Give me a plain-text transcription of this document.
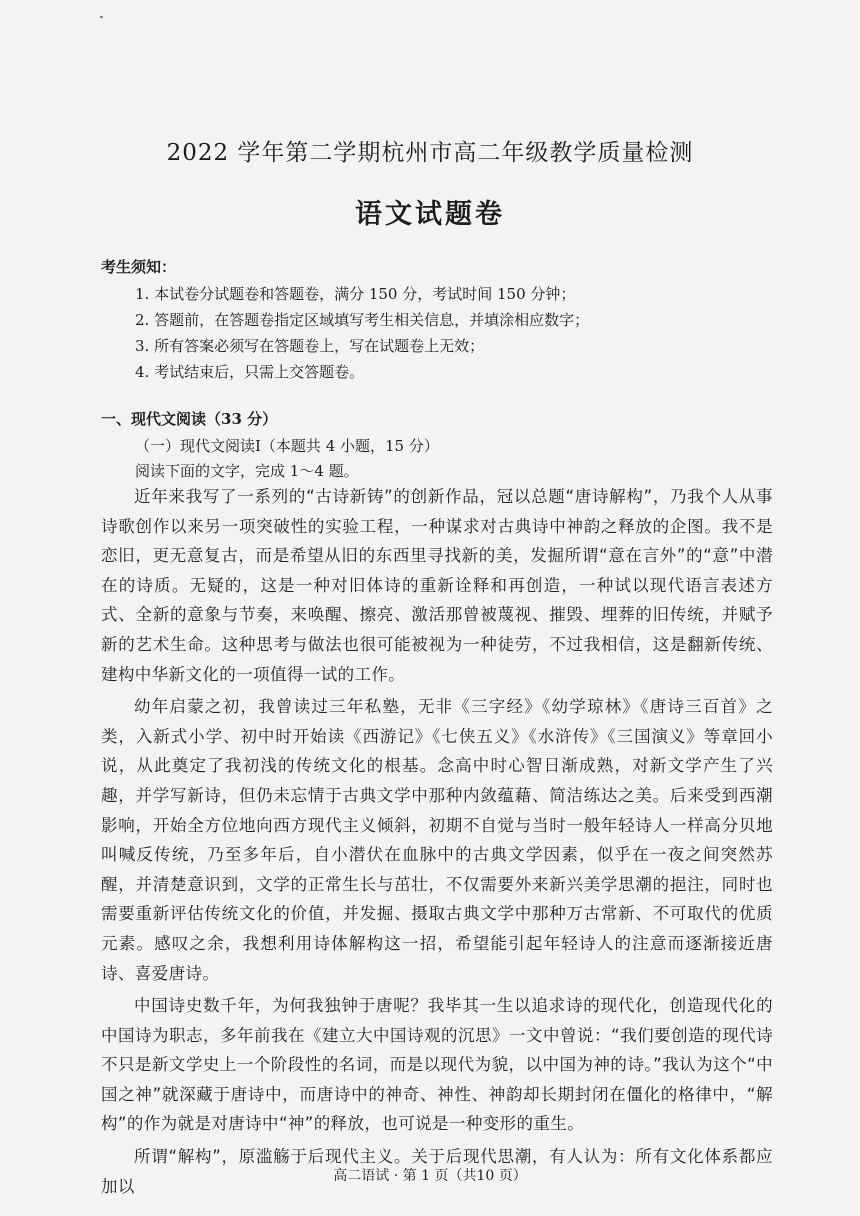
2022 学年第二学期杭州市高二年级教学质量检测
语文试题卷

考生须知：

1. 本试卷分试题卷和答题卷，满分 150 分，考试时间 150 分钟；
2. 答题前，在答题卷指定区域填写考生相关信息，并填涂相应数字；
3. 所有答案必须写在答题卷上，写在试题卷上无效；
4. 考试结束后，只需上交答题卷。

一、现代文阅读（33 分）

（一）现代文阅读Ⅰ（本题共 4 小题，15 分）

阅读下面的文字，完成 1～4 题。

近年来我写了一系列的“古诗新铸”的创新作品，冠以总题“唐诗解构”，乃我个人从事诗歌创作以来另一项突破性的实验工程，一种谋求对古典诗中神韵之释放的企图。我不是恋旧，更无意复古，而是希望从旧的东西里寻找新的美，发掘所谓“意在言外”的“意”中潜在的诗质。无疑的，这是一种对旧体诗的重新诠释和再创造，一种试以现代语言表述方式、全新的意象与节奏，来唤醒、擦亮、激活那曾被蔑视、摧毁、埋葬的旧传统，并赋予新的艺术生命。这种思考与做法也很可能被视为一种徒劳，不过我相信，这是翻新传统、建构中华新文化的一项值得一试的工作。

幼年启蒙之初，我曾读过三年私塾，无非《三字经》《幼学琼林》《唐诗三百首》之类，入新式小学、初中时开始读《西游记》《七侠五义》《水浒传》《三国演义》等章回小说，从此奠定了我初浅的传统文化的根基。念高中时心智日渐成熟，对新文学产生了兴趣，并学写新诗，但仍未忘情于古典文学中那种内敛蕴藉、简洁练达之美。后来受到西潮影响，开始全方位地向西方现代主义倾斜，初期不自觉与当时一般年轻诗人一样高分贝地叫喊反传统，乃至多年后，自小潜伏在血脉中的古典文学因素，似乎在一夜之间突然苏醒，并清楚意识到，文学的正常生长与茁壮，不仅需要外来新兴美学思潮的挹注，同时也需要重新评估传统文化的价值，并发掘、摄取古典文学中那种万古常新、不可取代的优质元素。感叹之余，我想利用诗体解构这一招，希望能引起年轻诗人的注意而逐渐接近唐诗、喜爱唐诗。

中国诗史数千年，为何我独钟于唐呢？我毕其一生以追求诗的现代化，创造现代化的中国诗为职志，多年前我在《建立大中国诗观的沉思》一文中曾说：“我们要创造的现代诗不只是新文学史上一个阶段性的名词，而是以现代为貌，以中国为神的诗。”我认为这个“中国之神”就深藏于唐诗中，而唐诗中的神奇、神性、神韵却长期封闭在僵化的格律中，“解构”的作为就是对唐诗中“神”的释放，也可说是一种变形的重生。

所谓“解构”，原滥觞于后现代主义。关于后现代思潮，有人认为：所有文化体系都应加以

高二语试 · 第 1 页（共10 页）
